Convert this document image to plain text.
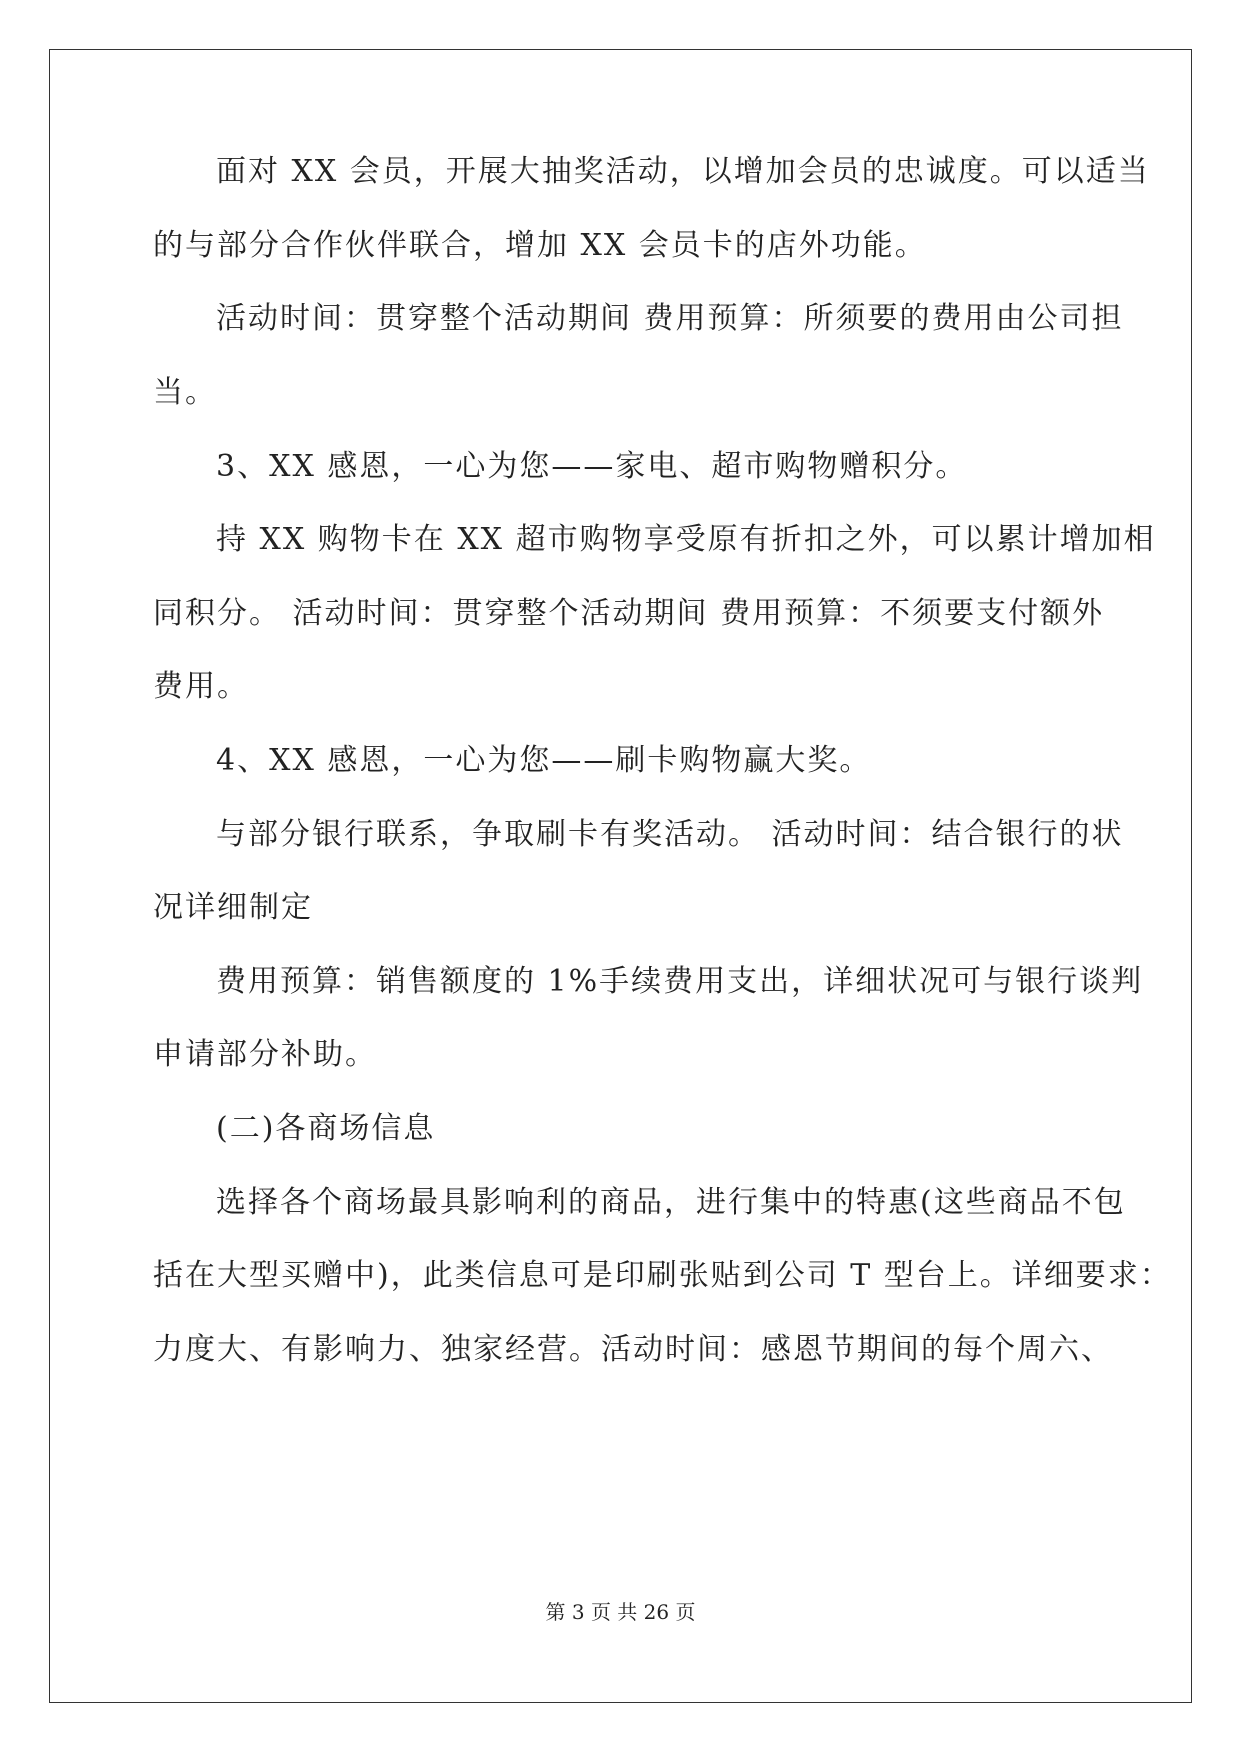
面对 XX 会员，开展大抽奖活动，以增加会员的忠诚度。可以适当
的与部分合作伙伴联合，增加 XX 会员卡的店外功能。
活动时间：贯穿整个活动期间 费用预算：所须要的费用由公司担
当。
3、XX 感恩，一心为您——家电、超市购物赠积分。
持 XX 购物卡在 XX 超市购物享受原有折扣之外，可以累计增加相
同积分。 活动时间：贯穿整个活动期间 费用预算：不须要支付额外
费用。
4、XX 感恩，一心为您——刷卡购物赢大奖。
与部分银行联系，争取刷卡有奖活动。 活动时间：结合银行的状
况详细制定
费用预算：销售额度的 1%手续费用支出，详细状况可与银行谈判
申请部分补助。
(二)各商场信息
选择各个商场最具影响利的商品，进行集中的特惠(这些商品不包
括在大型买赠中)，此类信息可是印刷张贴到公司 T 型台上。详细要求：
力度大、有影响力、独家经营。活动时间：感恩节期间的每个周六、
第 3 页 共 26 页
